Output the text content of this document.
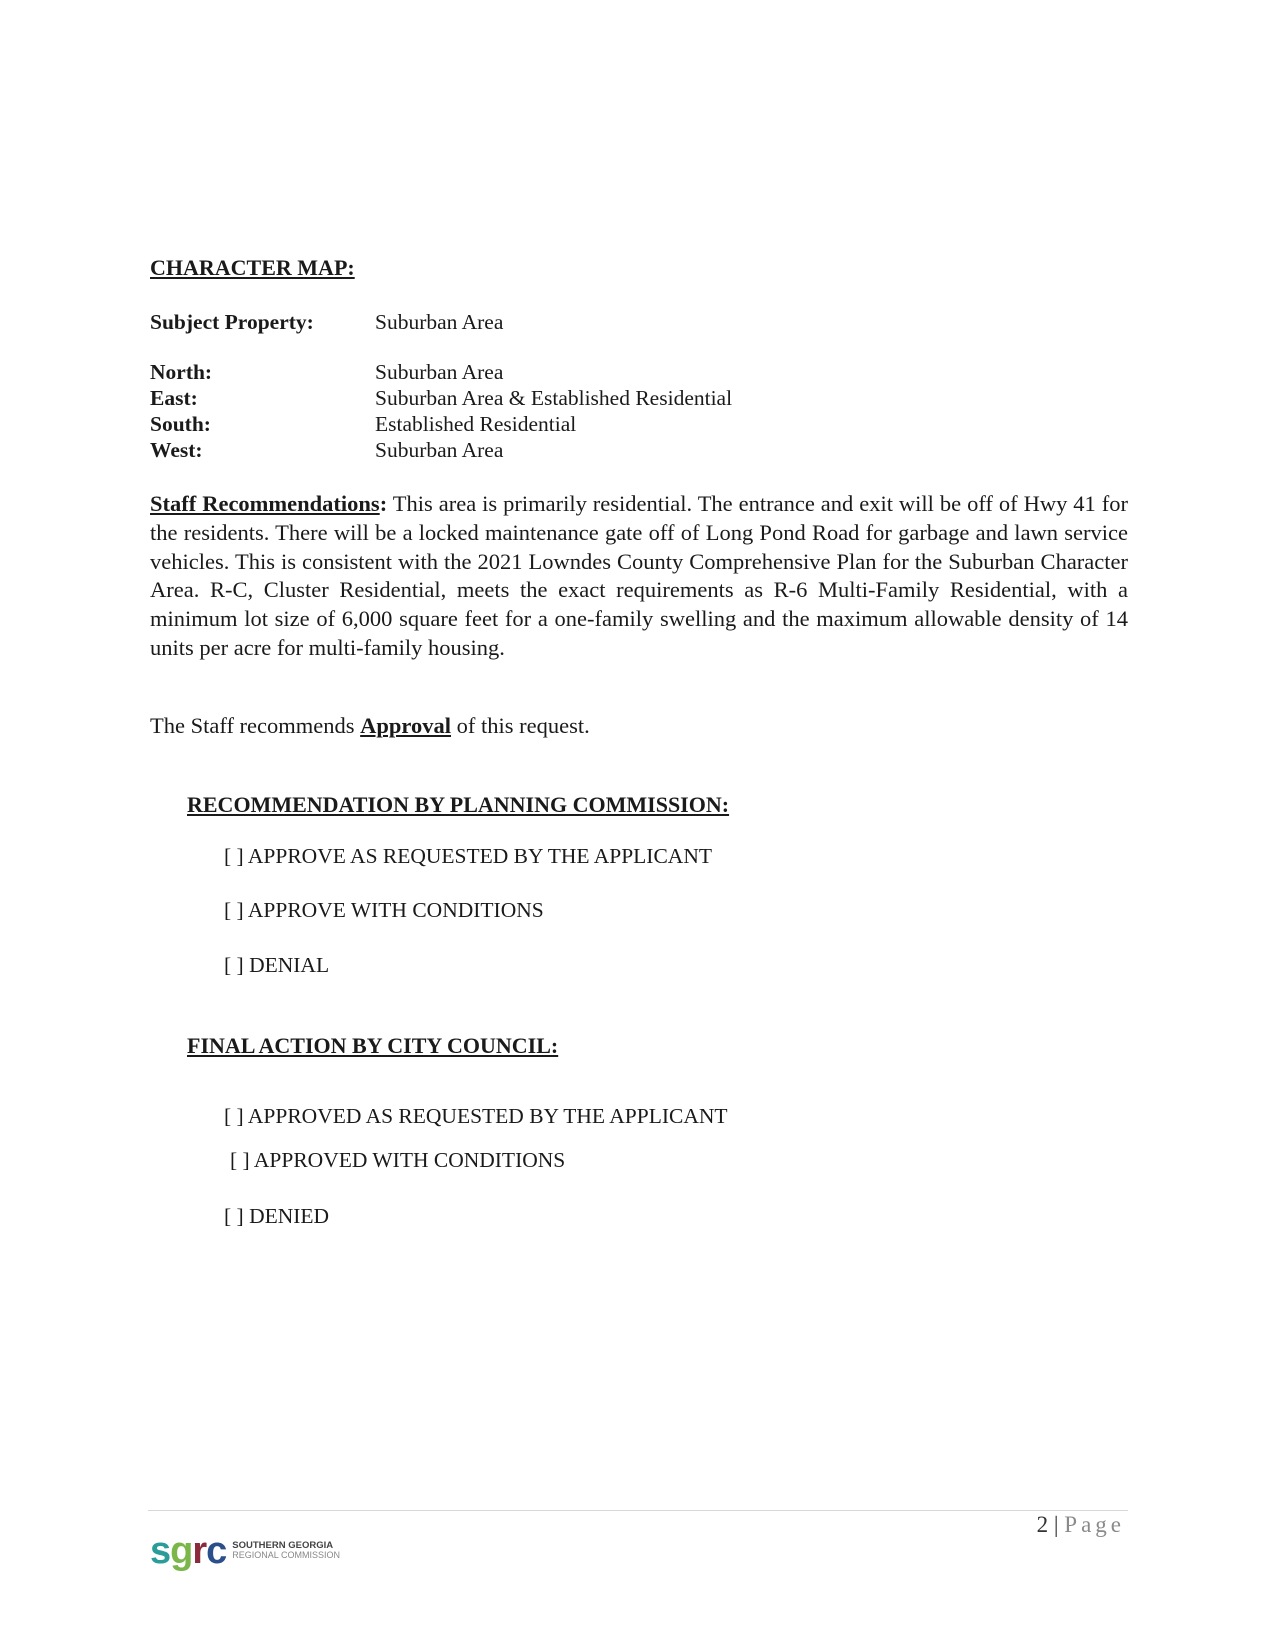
CHARACTER MAP:
Subject Property:	Suburban Area
North:	Suburban Area
East:	Suburban Area & Established Residential
South:	Established Residential
West:	Suburban Area
Staff Recommendations: This area is primarily residential. The entrance and exit will be off of Hwy 41 for the residents. There will be a locked maintenance gate off of Long Pond Road for garbage and lawn service vehicles. This is consistent with the 2021 Lowndes County Comprehensive Plan for the Suburban Character Area. R-C, Cluster Residential, meets the exact requirements as R-6 Multi-Family Residential, with a minimum lot size of 6,000 square feet for a one-family swelling and the maximum allowable density of 14 units per acre for multi-family housing.
The Staff recommends Approval of this request.
RECOMMENDATION BY PLANNING COMMISSION:
[ ] APPROVE AS REQUESTED BY THE APPLICANT
[ ] APPROVE WITH CONDITIONS
[ ] DENIAL
FINAL ACTION BY CITY COUNCIL:
[ ] APPROVED AS REQUESTED BY THE APPLICANT
[ ] APPROVED WITH CONDITIONS
[ ] DENIED
2 | Page
sgrc SOUTHERN GEORGIA
REGIONAL COMMISSION
